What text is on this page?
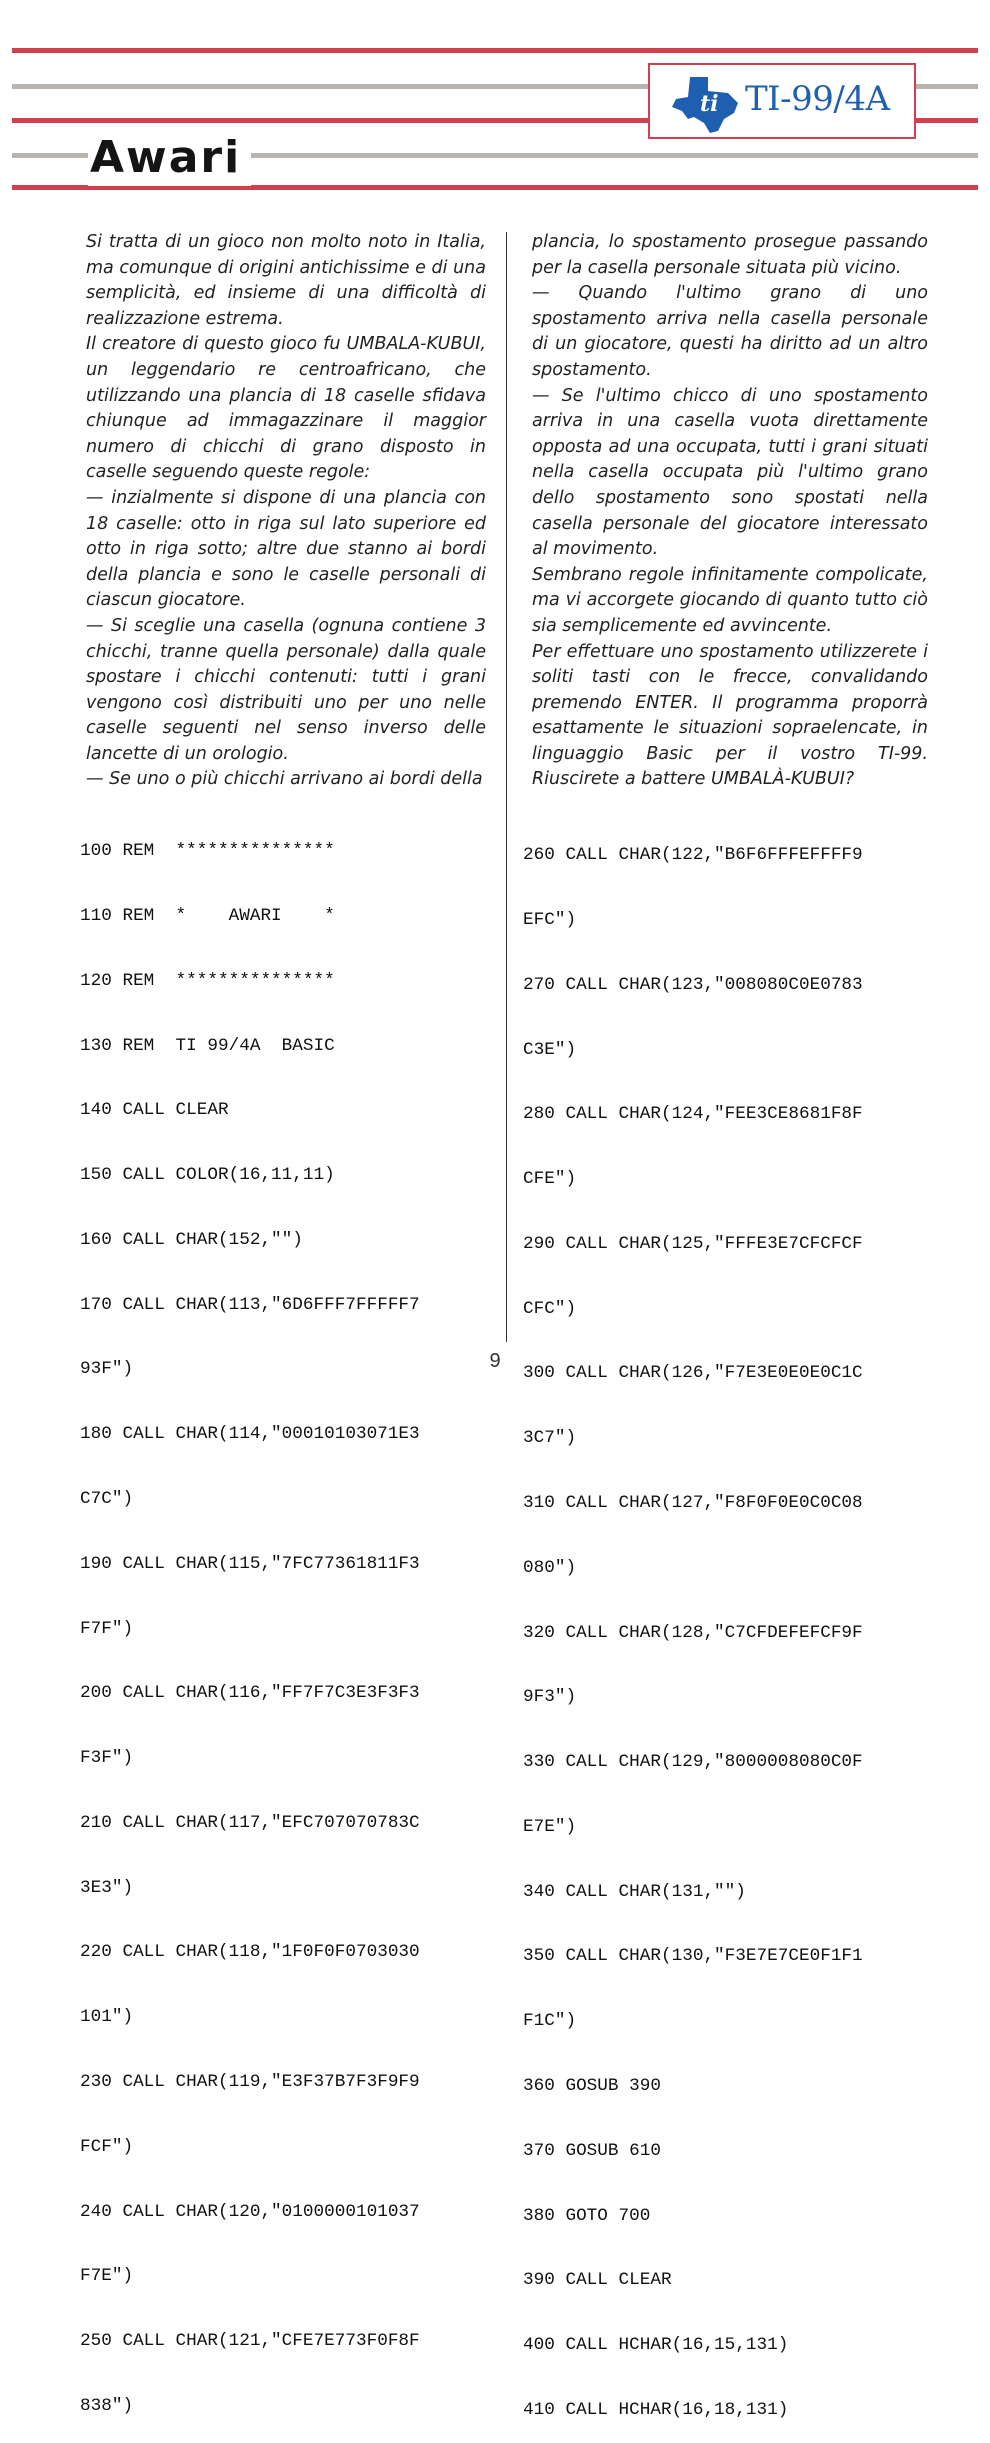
Awari
ti TI-99/4A

Si tratta di un gioco non molto noto in Italia, ma comunque di origini antichissime e di una semplicità, ed insieme di una difficoltà di realizzazione estrema.

Il creatore di questo gioco fu UMBALA-KUBUI, un leggendario re centroafricano, che utilizzando una plancia di 18 caselle sfidava chiunque ad immagazzinare il maggior numero di chicchi di grano disposto in caselle seguendo queste regole:

— inzialmente si dispone di una plancia con 18 caselle: otto in riga sul lato superiore ed otto in riga sotto; altre due stanno ai bordi della plancia e sono le caselle personali di ciascun giocatore.

— Si sceglie una casella (ognuna contiene 3 chicchi, tranne quella personale) dalla quale spostare i chicchi contenuti: tutti i grani vengono così distribuiti uno per uno nelle caselle seguenti nel senso inverso delle lancette di un orologio.

— Se uno o più chicchi arrivano ai bordi della

plancia, lo spostamento prosegue passando per la casella personale situata più vicino.

— Quando l'ultimo grano di uno spostamento arriva nella casella personale di un giocatore, questi ha diritto ad un altro spostamento.

— Se l'ultimo chicco di uno spostamento arriva in una casella vuota direttamente opposta ad una occupata, tutti i grani situati nella casella occupata più l'ultimo grano dello spostamento sono spostati nella casella personale del giocatore interessato al movimento.

Sembrano regole infinitamente compolicate, ma vi accorgete giocando di quanto tutto ciò sia semplicemente ed avvincente.

Per effettuare uno spostamento utilizzerete i soliti tasti con le frecce, convalidando premendo ENTER. Il programma proporrà esattamente le situazioni sopraelencate, in linguaggio Basic per il vostro TI-99. Riuscirete a battere UMBALÀ-KUBUI?

100 REM  ***************

110 REM  *    AWARI    *

120 REM  ***************

130 REM  TI 99/4A  BASIC

140 CALL CLEAR

150 CALL COLOR(16,11,11)

160 CALL CHAR(152,"")

170 CALL CHAR(113,"6D6FFF7FFFFF7

93F")

180 CALL CHAR(114,"00010103071E3

C7C")

190 CALL CHAR(115,"7FC77361811F3

F7F")

200 CALL CHAR(116,"FF7F7C3E3F3F3

F3F")

210 CALL CHAR(117,"EFC707070783C

3E3")

220 CALL CHAR(118,"1F0F0F0703030

101")

230 CALL CHAR(119,"E3F37B7F3F9F9

FCF")

240 CALL CHAR(120,"0100000101037

F7E")

250 CALL CHAR(121,"CFE7E773F0F8F

838")

260 CALL CHAR(122,"B6F6FFFEFFFF9

EFC")

270 CALL CHAR(123,"008080C0E0783

C3E")

280 CALL CHAR(124,"FEE3CE8681F8F

CFE")

290 CALL CHAR(125,"FFFE3E7CFCFCF

CFC")

300 CALL CHAR(126,"F7E3E0E0E0C1C

3C7")

310 CALL CHAR(127,"F8F0F0E0C0C08

080")

320 CALL CHAR(128,"C7CFDEFEFCF9F

9F3")

330 CALL CHAR(129,"8000008080C0F

E7E")

340 CALL CHAR(131,"")

350 CALL CHAR(130,"F3E7E7CE0F1F1

F1C")

360 GOSUB 390

370 GOSUB 610

380 GOTO 700

390 CALL CLEAR

400 CALL HCHAR(16,15,131)

410 CALL HCHAR(16,18,131)

9
